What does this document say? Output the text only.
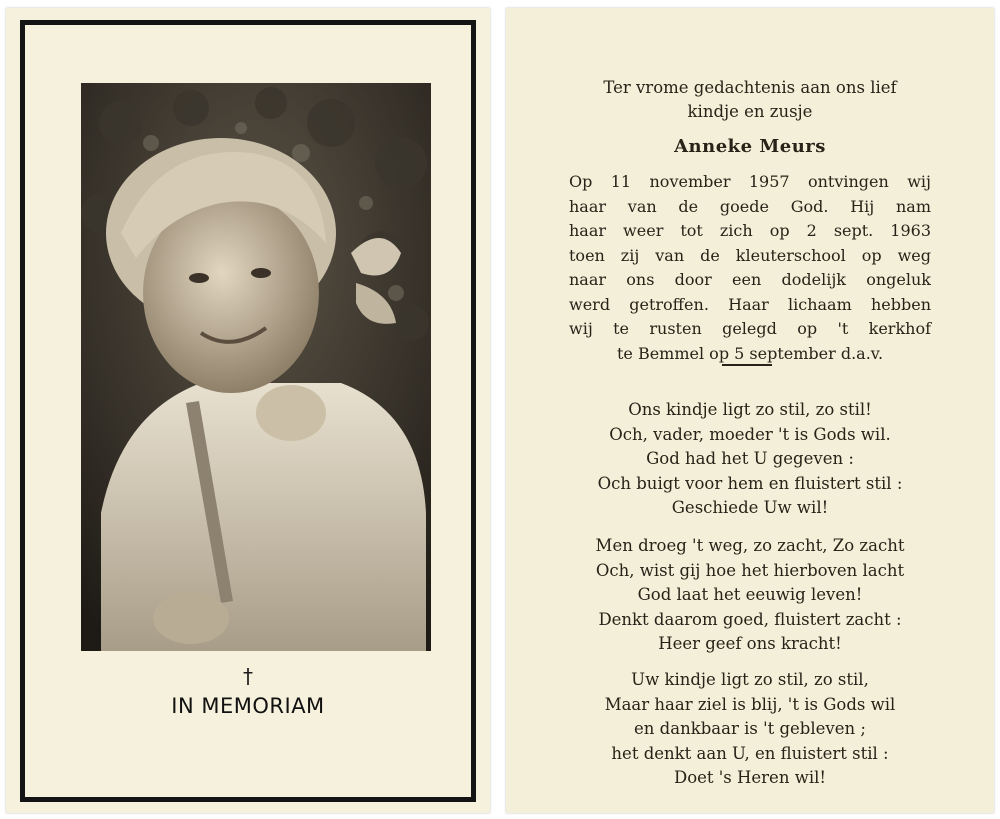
†
IN MEMORIAM
Ter vrome gedachtenis aan ons lief
kindje en zusje
Anneke Meurs
Op 11 november 1957 ontvingen wij
haar van de goede God. Hij nam
haar weer tot zich op 2 sept. 1963
toen zij van de kleuterschool op weg
naar ons door een dodelijk ongeluk
werd getroffen. Haar lichaam hebben
wij te rusten gelegd op 't kerkhof
te Bemmel op 5 september d.a.v.
Ons kindje ligt zo stil, zo stil!
Och, vader, moeder 't is Gods wil.
God had het U gegeven :
Och buigt voor hem en fluistert stil :
Geschiede Uw wil!
Men droeg 't weg, zo zacht, Zo zacht
Och, wist gij hoe het hierboven lacht
God laat het eeuwig leven!
Denkt daarom goed, fluistert zacht :
Heer geef ons kracht!
Uw kindje ligt zo stil, zo stil,
Maar haar ziel is blij, 't is Gods wil
en dankbaar is 't gebleven ;
het denkt aan U, en fluistert stil :
Doet 's Heren wil!
